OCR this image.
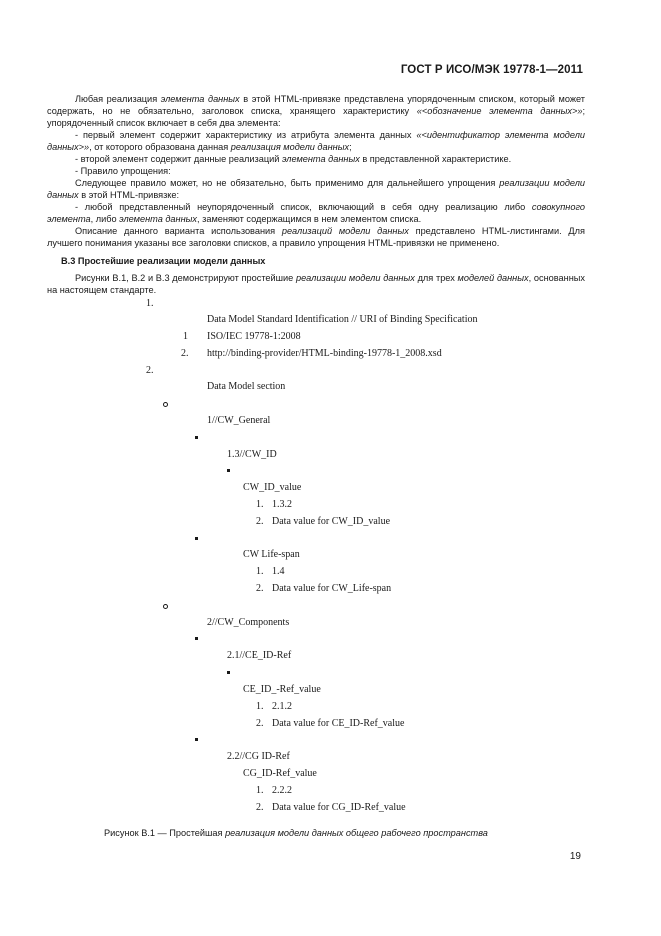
ГОСТ Р ИСО/МЭК 19778-1—2011

Любая реализация элемента данных в этой HTML-привязке представлена упорядоченным списком, который может содержать, но не обязательно, заголовок списка, хранящего характеристику «<обозначение элемента данных>»; упорядоченный список включает в себя два элемента:

- первый элемент содержит характеристику из атрибута элемента данных «<идентификатор элемента модели данных>», от которого образована данная реализация модели данных;

- второй элемент содержит данные реализаций элемента данных в представленной характеристике.

- Правило упрощения:

Следующее правило может, но не обязательно, быть применимо для дальнейшего упрощения реализации модели данных в этой HTML-привязке:

- любой представленный неупорядоченный список, включающий в себя одну реализацию либо совокупного элемента, либо элемента данных, заменяют содержащимся в нем элементом списка.

Описание данного варианта использования реализаций модели данных представлено HTML-листингами. Для лучшего понимания указаны все заголовки списков, а правило упрощения HTML-привязки не применено.

В.3 Простейшие реализации модели данных

Рисунки В.1, В.2 и В.3 демонстрируют простейшие реализации модели данных для трех моделей данных, основанных на настоящем стандарте.

1.
Data Model Standard Identification // URI of Binding Specification
1 ISO/IEC 19778-1:2008
2. http://binding-provider/HTML-binding-19778-1_2008.xsd
2.
Data Model section
1//CW_General
1.3//CW_ID
CW_ID_value
1. 1.3.2
2. Data value for CW_ID_value
CW Life-span
1. 1.4
2. Data value for CW_Life-span
2//CW_Components
2.1//CE_ID-Ref
CE_ID_-Ref_value
1. 2.1.2
2. Data value for CE_ID-Ref_value
2.2//CG ID-Ref
CG_ID-Ref_value
1. 2.2.2
2. Data value for CG_ID-Ref_value
Рисунок В.1 — Простейшая реализация модели данных общего рабочего пространства
19
